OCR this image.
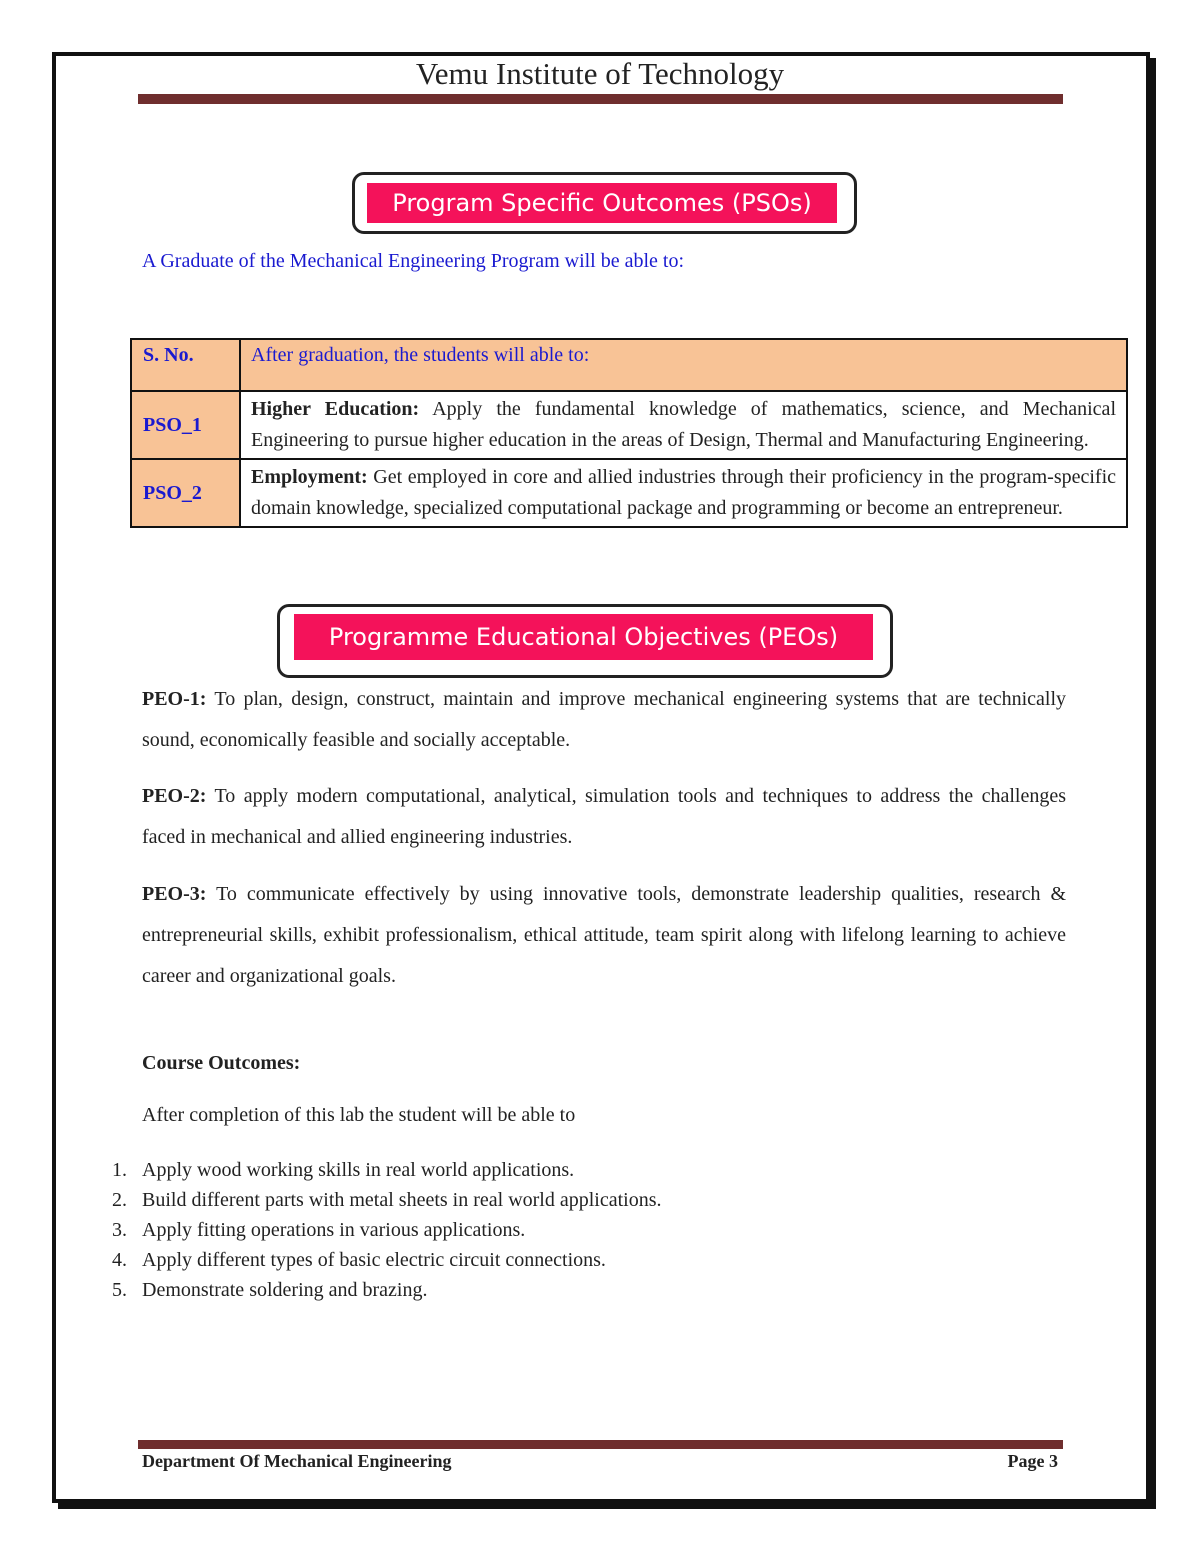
Vemu Institute of Technology
Program Specific Outcomes (PSOs)
A Graduate of the Mechanical Engineering Program will be able to:
S. No.	After graduation, the students will able to:
PSO_1	Higher Education: Apply the fundamental knowledge of mathematics, science, and Mechanical Engineering to pursue higher education in the areas of Design, Thermal and Manufacturing Engineering.
PSO_2	Employment: Get employed in core and allied industries through their proficiency in the program-specific domain knowledge, specialized computational package and programming or become an entrepreneur.
Programme Educational Objectives (PEOs)
PEO-1: To plan, design, construct, maintain and improve mechanical engineering systems that are technically sound, economically feasible and socially acceptable.
PEO-2: To apply modern computational, analytical, simulation tools and techniques to address the challenges faced in mechanical and allied engineering industries.
PEO-3: To communicate effectively by using innovative tools, demonstrate leadership qualities, research & entrepreneurial skills, exhibit professionalism, ethical attitude, team spirit along with lifelong learning to achieve career and organizational goals.
Course Outcomes:
After completion of this lab the student will be able to
1. Apply wood working skills in real world applications.
2. Build different parts with metal sheets in real world applications.
3. Apply fitting operations in various applications.
4. Apply different types of basic electric circuit connections.
5. Demonstrate soldering and brazing.
Department Of Mechanical Engineering	Page 3
